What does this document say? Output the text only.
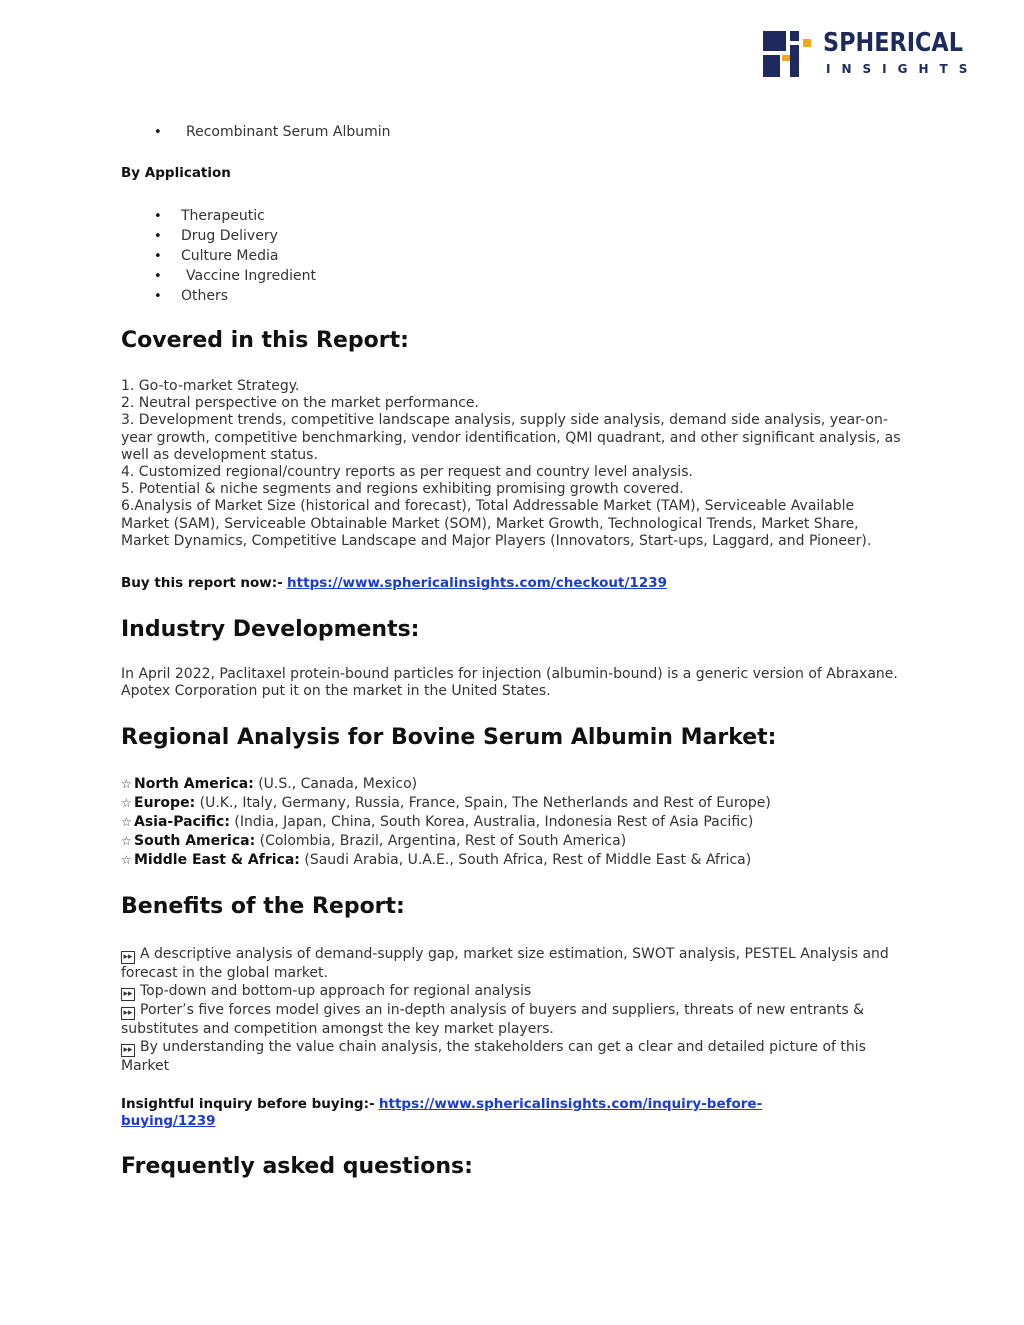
SPHERICAL
INSIGHTS
• Recombinant Serum Albumin
By Application
• Therapeutic
• Drug Delivery
• Culture Media
• Vaccine Ingredient
• Others
Covered in this Report:
1. Go-to-market Strategy.
2. Neutral perspective on the market performance.
3. Development trends, competitive landscape analysis, supply side analysis, demand side analysis, year-on-year growth, competitive benchmarking, vendor identification, QMI quadrant, and other significant analysis, as well as development status.
4. Customized regional/country reports as per request and country level analysis.
5. Potential & niche segments and regions exhibiting promising growth covered.
6.Analysis of Market Size (historical and forecast), Total Addressable Market (TAM), Serviceable Available Market (SAM), Serviceable Obtainable Market (SOM), Market Growth, Technological Trends, Market Share, Market Dynamics, Competitive Landscape and Major Players (Innovators, Start-ups, Laggard, and Pioneer).
Buy this report now:- https://www.sphericalinsights.com/checkout/1239
Industry Developments:
In April 2022, Paclitaxel protein-bound particles for injection (albumin-bound) is a generic version of Abraxane. Apotex Corporation put it on the market in the United States.
Regional Analysis for Bovine Serum Albumin Market:
☆ North America: (U.S., Canada, Mexico)
☆ Europe: (U.K., Italy, Germany, Russia, France, Spain, The Netherlands and Rest of Europe)
☆ Asia-Pacific: (India, Japan, China, South Korea, Australia, Indonesia Rest of Asia Pacific)
☆ South America: (Colombia, Brazil, Argentina, Rest of South America)
☆ Middle East & Africa: (Saudi Arabia, U.A.E., South Africa, Rest of Middle East & Africa)
Benefits of the Report:
▸▸ A descriptive analysis of demand-supply gap, market size estimation, SWOT analysis, PESTEL Analysis and forecast in the global market.
▸▸ Top-down and bottom-up approach for regional analysis
▸▸ Porter’s five forces model gives an in-depth analysis of buyers and suppliers, threats of new entrants & substitutes and competition amongst the key market players.
▸▸ By understanding the value chain analysis, the stakeholders can get a clear and detailed picture of this Market
Insightful inquiry before buying:- https://www.sphericalinsights.com/inquiry-before-
buying/1239
Frequently asked questions:
